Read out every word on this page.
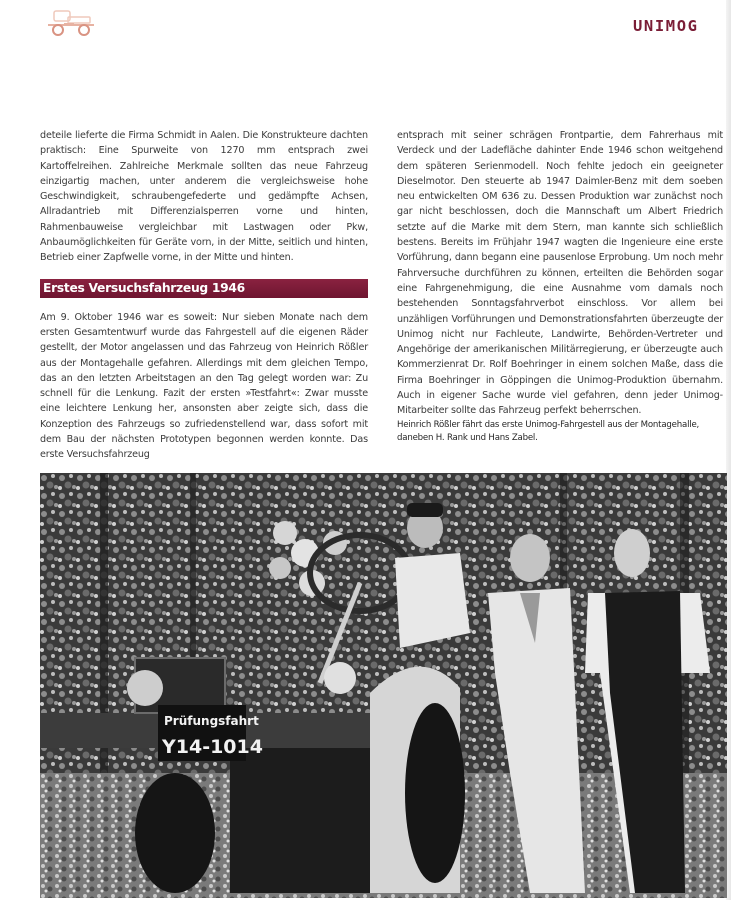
UNIMOG

deteile lieferte die Firma Schmidt in Aalen. Die Konstrukteure dachten praktisch: Eine Spurweite von 1270 mm entsprach zwei Kartoffelreihen. Zahlreiche Merkmale sollten das neue Fahrzeug einzigartig machen, unter anderem die vergleichsweise hohe Geschwindigkeit, schraubengefederte und gedämpfte Achsen, Allradantrieb mit Differenzialsperren vorne und hinten, Rahmenbauweise vergleichbar mit Lastwagen oder Pkw, Anbaumöglichkeiten für Geräte vorn, in der Mitte, seitlich und hinten, Betrieb einer Zapfwelle vorne, in der Mitte und hinten.

Erstes Versuchsfahrzeug 1946

Am 9. Oktober 1946 war es soweit: Nur sieben Monate nach dem ersten Gesamtentwurf wurde das Fahrgestell auf die eigenen Räder gestellt, der Motor angelassen und das Fahrzeug von Heinrich Rößler aus der Montagehalle gefahren. Allerdings mit dem gleichen Tempo, das an den letzten Arbeitstagen an den Tag gelegt worden war: Zu schnell für die Lenkung. Fazit der ersten »Testfahrt«: Zwar musste eine leichtere Lenkung her, ansonsten aber zeigte sich, dass die Konzeption des Fahrzeugs so zufriedenstellend war, dass sofort mit dem Bau der nächsten Prototypen begonnen werden konnte. Das erste Versuchsfahrzeug

entsprach mit seiner schrägen Frontpartie, dem Fahrerhaus mit Verdeck und der Ladefläche dahinter Ende 1946 schon weitgehend dem späteren Serienmodell. Noch fehlte jedoch ein geeigneter Dieselmotor. Den steuerte ab 1947 Daimler-Benz mit dem soeben neu entwickelten OM 636 zu. Dessen Produktion war zunächst noch gar nicht beschlossen, doch die Mannschaft um Albert Friedrich setzte auf die Marke mit dem Stern, man kannte sich schließlich bestens. Bereits im Frühjahr 1947 wagten die Ingenieure eine erste Vorführung, dann begann eine pausenlose Erprobung. Um noch mehr Fahrversuche durchführen zu können, erteilten die Behörden sogar eine Fahrgenehmigung, die eine Ausnahme vom damals noch bestehenden Sonntagsfahrverbot einschloss. Vor allem bei unzähligen Vorführungen und Demonstrationsfahrten überzeugte der Unimog nicht nur Fachleute, Landwirte, Behörden-Vertreter und Angehörige der amerikanischen Militärregierung, er überzeugte auch Kommerzienrat Dr. Rolf Boehringer in einem solchen Maße, dass die Firma Boehringer in Göppingen die Unimog-Produktion übernahm. Auch in eigener Sache wurde viel gefahren, denn jeder Unimog-Mitarbeiter sollte das Fahrzeug perfekt beherrschen.

Heinrich Rößler fährt das erste Unimog-Fahrgestell aus der Montagehalle, daneben H. Rank und Hans Zabel.

Prüfungsfahrt
Y14-1014
